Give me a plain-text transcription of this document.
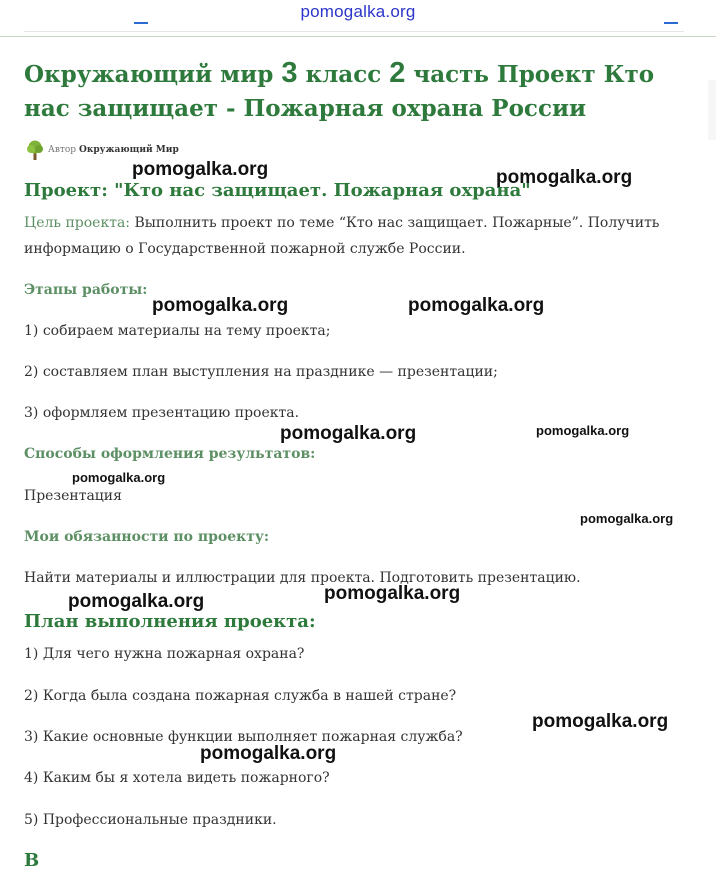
pomogalka.org
Окружающий мир 3 класс 2 часть Проект Кто нас защищает - Пожарная охрана России
Автор Окружающий Мир
Проект: "Кто нас защищает. Пожарная охрана"
Цель проекта: Выполнить проект по теме “Кто нас защищает. Пожарные”. Получить информацию о Государственной пожарной службе России.
Этапы работы:
1) собираем материалы на тему проекта;
2) составляем план выступления на празднике — презентации;
3) оформляем презентацию проекта.
Способы оформления результатов:
Презентация
Мои обязанности по проекту:
Найти материалы и иллюстрации для проекта. Подготовить презентацию.
План выполнения проекта:
1) Для чего нужна пожарная охрана?
2) Когда была создана пожарная служба в нашей стране?
3) Какие основные функции выполняет пожарная служба?
4) Каким бы я хотела видеть пожарного?
5) Профессиональные праздники.
В
pomogalka.org	pomogalka.org
pomogalka.org	pomogalka.org
pomogalka.org	pomogalka.org
pomogalka.org
pomogalka.org
pomogalka.org	pomogalka.org
pomogalka.org
pomogalka.org
